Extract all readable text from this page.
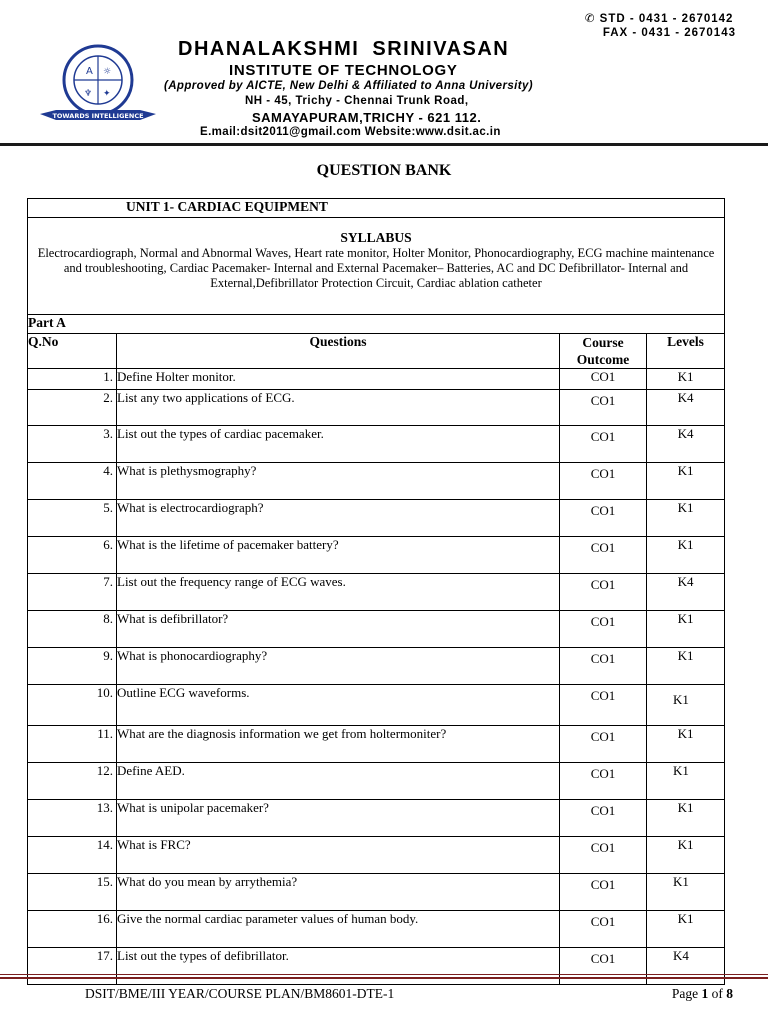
A ☼
♆ ✦
TOWARDS INTELLIGENCE
✆ STD - 0431 - 2670142
FAX - 0431 - 2670143
DHANALAKSHMI SRINIVASAN
INSTITUTE OF TECHNOLOGY
(Approved by AICTE, New Delhi & Affiliated to Anna University)
NH - 45, Trichy - Chennai Trunk Road,
SAMAYAPURAM,TRICHY - 621 112.
E.mail:dsit2011@gmail.com Website:www.dsit.ac.in
QUESTION BANK
UNIT 1- CARDIAC EQUIPMENT			

SYLLABUS
Electrocardiograph, Normal and Abnormal Waves, Heart rate monitor, Holter Monitor, Phonocardiography, ECG machine maintenance and troubleshooting, Cardiac Pacemaker- Internal and External Pacemaker– Batteries, AC and DC Defibrillator- Internal and External,Defibrillator Protection Circuit, Cardiac ablation catheter			

Part A			
Q.No	Questions	Course Outcome	Levels
1.	Define Holter monitor.	CO1	K1
2.	List any two applications of ECG.	CO1	K4
3.	List out the types of cardiac pacemaker.	CO1	K4
4.	What is plethysmography?	CO1	K1
5.	What is electrocardiograph?	CO1	K1
6.	What is the lifetime of pacemaker battery?	CO1	K1
7.	List out the frequency range of ECG waves.	CO1	K4
8.	What is defibrillator?	CO1	K1
9.	What is phonocardiography?	CO1	K1
10.	Outline ECG waveforms.	CO1	K1
11.	What are the diagnosis information we get from holtermoniter?	CO1	K1
12.	Define AED.	CO1	K1
13.	What is unipolar pacemaker?	CO1	K1
14.	What is FRC?	CO1	K1
15.	What do you mean by arrythemia?	CO1	K1
16.	Give the normal cardiac parameter values of human body.	CO1	K1
17.	List out the types of defibrillator.	CO1	K4
DSIT/BME/III YEAR/COURSE PLAN/BM8601-DTE-1	Page 1 of 8
